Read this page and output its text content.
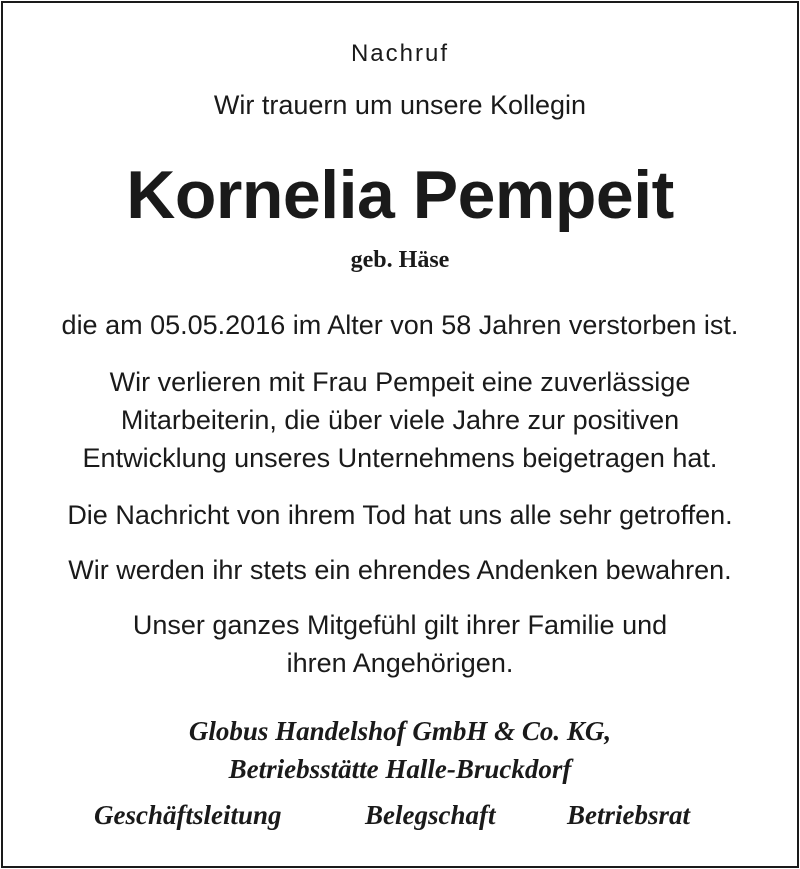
Nachruf
Wir trauern um unsere Kollegin
Kornelia Pempeit
geb. Häse
die am 05.05.2016 im Alter von 58 Jahren verstorben ist.
Wir verlieren mit Frau Pempeit eine zuverlässige
Mitarbeiterin, die über viele Jahre zur positiven
Entwicklung unseres Unternehmens beigetragen hat.
Die Nachricht von ihrem Tod hat uns alle sehr getroffen.
Wir werden ihr stets ein ehrendes Andenken bewahren.
Unser ganzes Mitgefühl gilt ihrer Familie und
ihren Angehörigen.
Globus Handelshof GmbH & Co. KG,
Betriebsstätte Halle-Bruckdorf
Geschäftsleitung	Belegschaft	Betriebsrat
